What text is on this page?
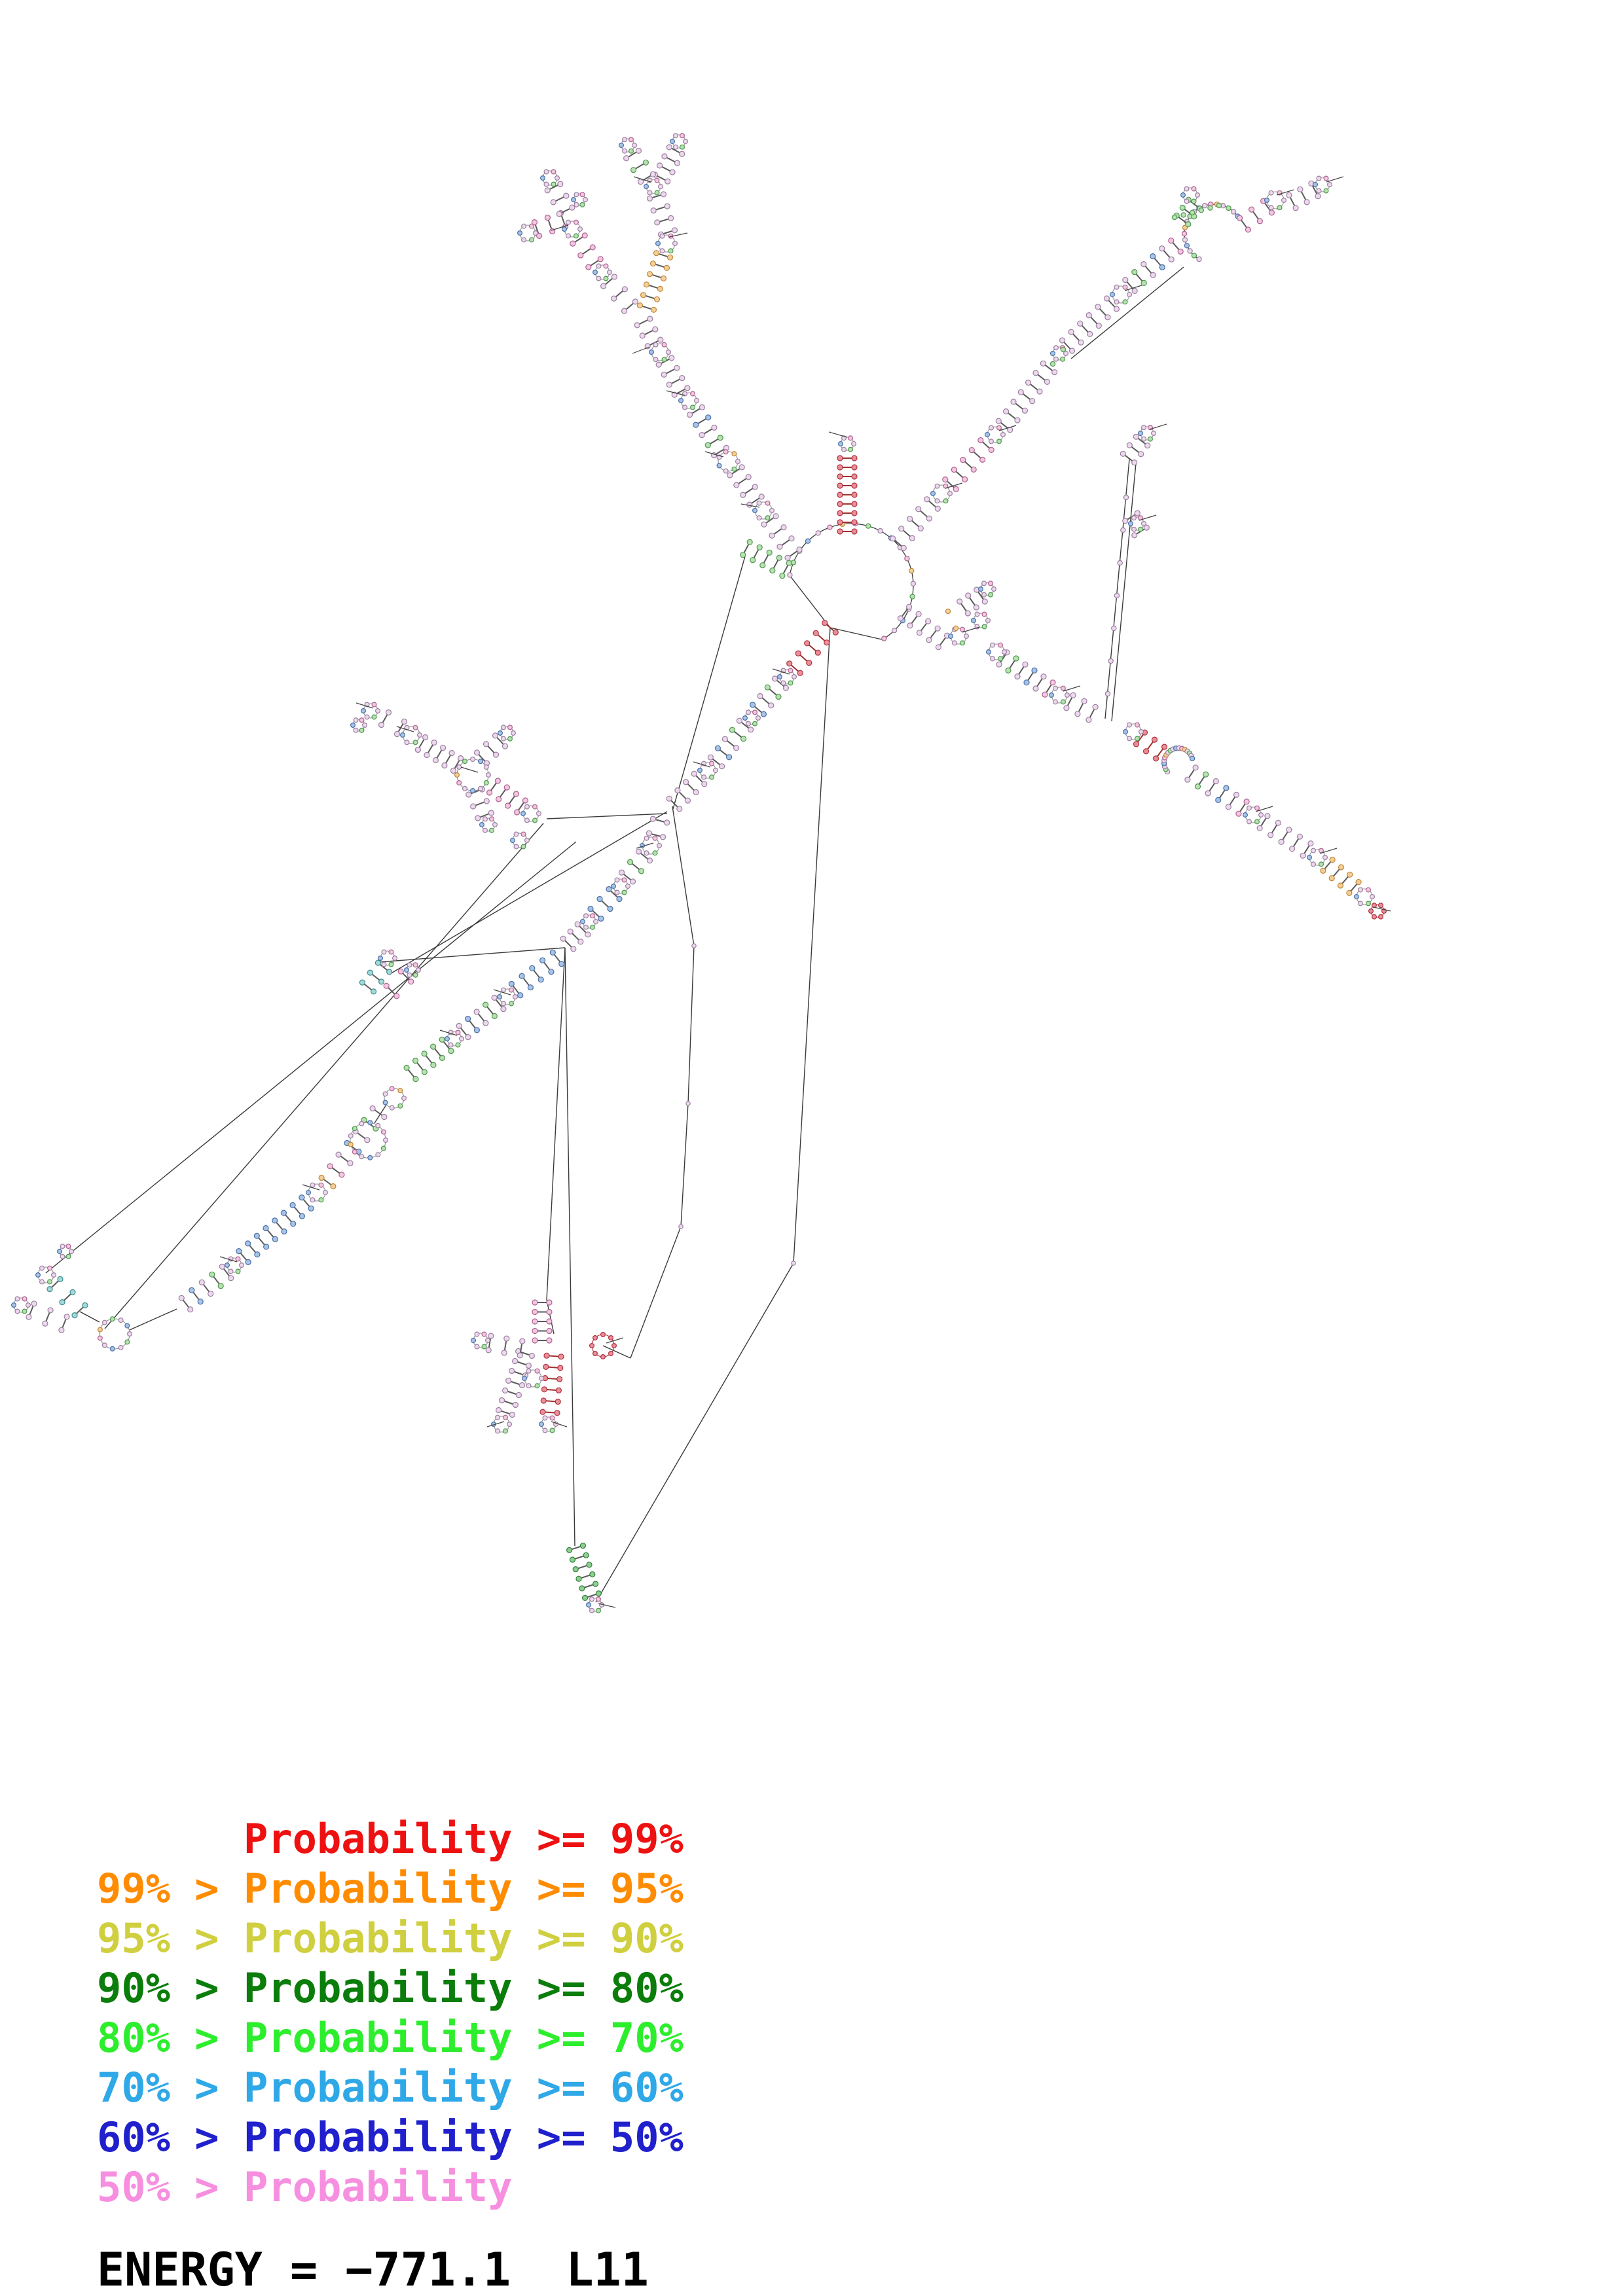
Probability >= 99%
99% > Probability >= 95%
95% > Probability >= 90%
90% > Probability >= 80%
80% > Probability >= 70%
70% > Probability >= 60%
60% > Probability >= 50%
50% > Probability
ENERGY = −771.1  L11
